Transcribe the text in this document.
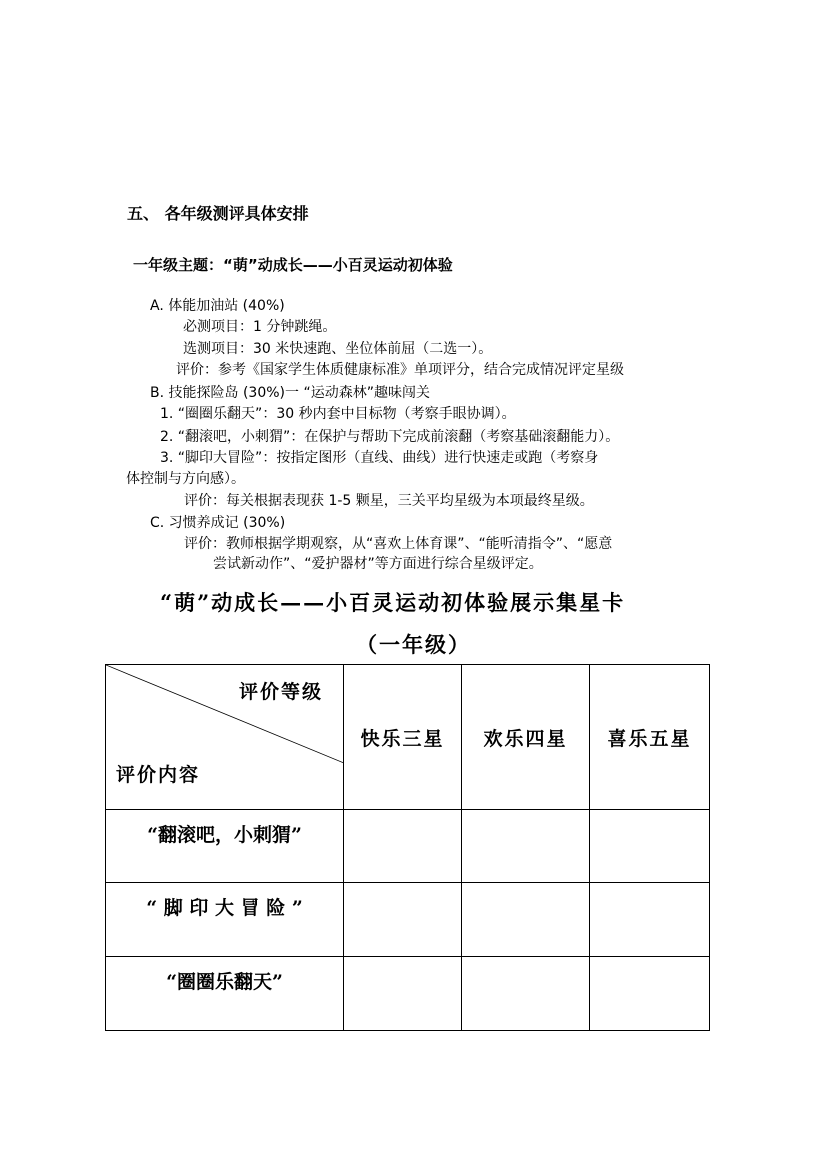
五、 各年级测评具体安排
一年级主题：“萌”动成长——小百灵运动初体验
A. 体能加油站 (40%)
必测项目：1 分钟跳绳。
选测项目：30 米快速跑、坐位体前屈（二选一）。
评价：参考《国家学生体质健康标准》单项评分，结合完成情况评定星级
B. 技能探险岛 (30%)一 “运动森林”趣味闯关
1. “圈圈乐翻天”：30 秒内套中目标物（考察手眼协调）。
2. “翻滚吧，小刺猬”：在保护与帮助下完成前滚翻（考察基础滚翻能力）。
3. “脚印大冒险”：按指定图形（直线、曲线）进行快速走或跑（考察身
体控制与方向感）。
评价：每关根据表现获 1-5 颗星，三关平均星级为本项最终星级。
C. 习惯养成记 (30%)
评价：教师根据学期观察，从“喜欢上体育课”、“能听清指令”、“愿意
尝试新动作”、“爱护器材”等方面进行综合星级评定。
“萌”动成长——小百灵运动初体验展示集星卡
（一年级）
评价等级
评价内容	快乐三星	欢乐四星	喜乐五星
“翻滚吧，小刺猬”			
“ 脚 印 大 冒 险 ”			
“圈圈乐翻天”			
